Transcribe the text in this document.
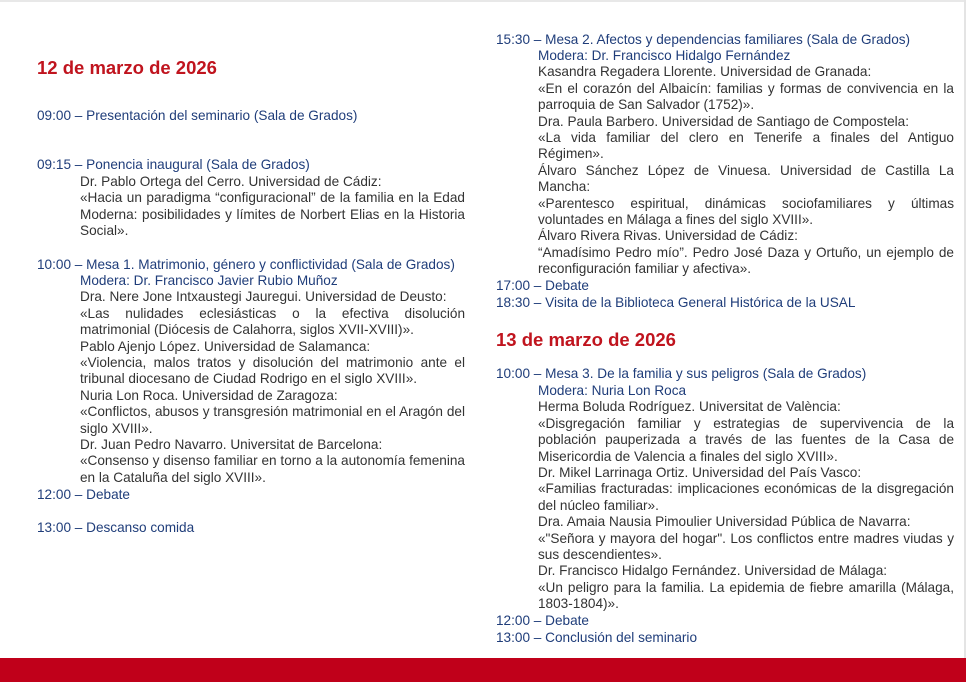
12 de marzo de 2026
09:00 – Presentación del seminario (Sala de Grados)
09:15 – Ponencia inaugural (Sala de Grados)
Dr. Pablo Ortega del Cerro. Universidad de Cádiz:
«Hacia un paradigma “configuracional” de la familia en la Edad Moderna: posibilidades y límites de Norbert Elias en la Historia Social».
10:00 – Mesa 1. Matrimonio, género y conflictividad (Sala de Grados)
Modera: Dr. Francisco Javier Rubio Muñoz
Dra. Nere Jone Intxaustegi Jauregui. Universidad de Deusto:
«Las nulidades eclesiásticas o la efectiva disolución matrimonial (Diócesis de Calahorra, siglos XVII-XVIII)».
Pablo Ajenjo López. Universidad de Salamanca:
«Violencia, malos tratos y disolución del matrimonio ante el tribunal diocesano de Ciudad Rodrigo en el siglo XVIII».
Nuria Lon Roca. Universidad de Zaragoza:
«Conflictos, abusos y transgresión matrimonial en el Aragón del siglo XVIII».
Dr. Juan Pedro Navarro. Universitat de Barcelona:
«Consenso y disenso familiar en torno a la autonomía femenina en la Cataluña del siglo XVIII».
12:00 – Debate
13:00 – Descanso comida
15:30 – Mesa 2. Afectos y dependencias familiares (Sala de Grados)
Modera: Dr. Francisco Hidalgo Fernández
Kasandra Regadera Llorente. Universidad de Granada:
«En el corazón del Albaicín: familias y formas de convivencia en la parroquia de San Salvador (1752)».
Dra. Paula Barbero. Universidad de Santiago de Compostela:
«La vida familiar del clero en Tenerife a finales del Antiguo Régimen».
Álvaro Sánchez López de Vinuesa. Universidad de Castilla La Mancha:
«Parentesco espiritual, dinámicas sociofamiliares y últimas voluntades en Málaga a fines del siglo XVIII».
Álvaro Rivera Rivas. Universidad de Cádiz:
“Amadísimo Pedro mío”. Pedro José Daza y Ortuño, un ejemplo de reconfiguración familiar y afectiva».
17:00 – Debate
18:30 – Visita de la Biblioteca General Histórica de la USAL
13 de marzo de 2026
10:00 – Mesa 3. De la familia y sus peligros (Sala de Grados)
Modera: Nuria Lon Roca
Herma Boluda Rodríguez. Universitat de València:
«Disgregación familiar y estrategias de supervivencia de la población pauperizada a través de las fuentes de la Casa de Misericordia de Valencia a finales del siglo XVIII».
Dr. Mikel Larrinaga Ortiz. Universidad del País Vasco:
«Familias fracturadas: implicaciones económicas de la disgregación del núcleo familiar».
Dra. Amaia Nausia Pimoulier Universidad Pública de Navarra:
«"Señora y mayora del hogar". Los conflictos entre madres viudas y sus descendientes».
Dr. Francisco Hidalgo Fernández. Universidad de Málaga:
«Un peligro para la familia. La epidemia de fiebre amarilla (Málaga, 1803-1804)».
12:00 – Debate
13:00 – Conclusión del seminario
